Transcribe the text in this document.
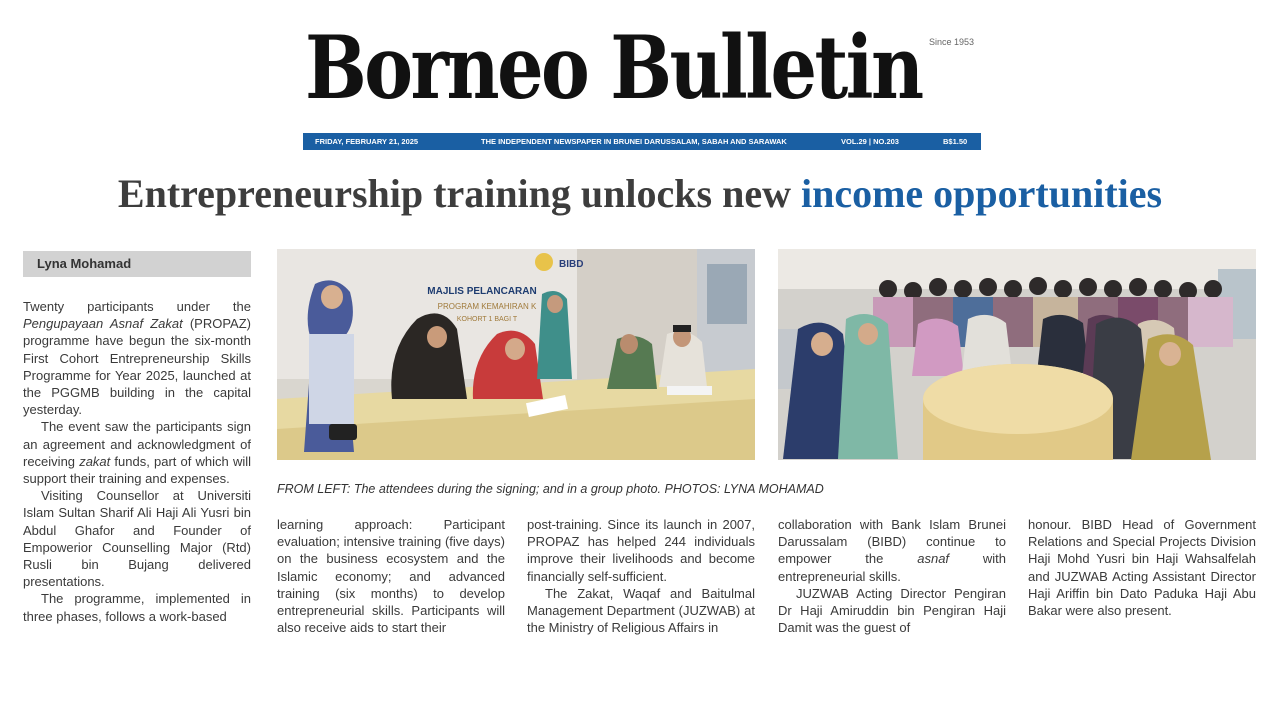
Borneo Bulletin Since 1953
FRIDAY, FEBRUARY 21, 2025	THE INDEPENDENT NEWSPAPER IN BRUNEI DARUSSALAM, SABAH AND SARAWAK	VOL.29 | NO.203	B$1.50
Entrepreneurship training unlocks new income opportunities
Lyna Mohamad

Twenty participants under the Pengupayaan Asnaf Zakat (PROPAZ) programme have begun the six-month First Cohort Entrepreneurship Skills Programme for Year 2025, launched at the PGGMB building in the capital yesterday.

The event saw the participants sign an agreement and acknowledgment of receiving zakat funds, part of which will support their training and expenses.

Visiting Counsellor at Universiti Islam Sultan Sharif Ali Haji Ali Yusri bin Abdul Ghafor and Founder of Empowerior Counselling Major (Rtd) Rusli bin Bujang delivered presentations.

The programme, implemented in three phases, follows a work-based

MAJLIS PELANCARAN
PROGRAM KEMAHIRAN K
KOHORT 1 BAGI T
BIBD
FROM LEFT: The attendees during the signing; and in a group photo. PHOTOS: LYNA MOHAMAD

learning approach: Participant evaluation; intensive training (five days) on the business ecosystem and the Islamic economy; and advanced training (six months) to develop entrepreneurial skills. Participants will also receive aids to start their

post-training. Since its launch in 2007, PROPAZ has helped 244 individuals improve their livelihoods and become financially self-sufficient.

The Zakat, Waqaf and Baitulmal Management Department (JUZWAB) at the Ministry of Religious Affairs in

collaboration with Bank Islam Brunei Darussalam (BIBD) continue to empower the asnaf with entrepreneurial skills.

JUZWAB Acting Director Pengiran Dr Haji Amiruddin bin Pengiran Haji Damit was the guest of

honour. BIBD Head of Government Relations and Special Projects Division Haji Mohd Yusri bin Haji Wahsalfelah and JUZWAB Acting Assistant Director Haji Ariffin bin Dato Paduka Haji Abu Bakar were also present.
